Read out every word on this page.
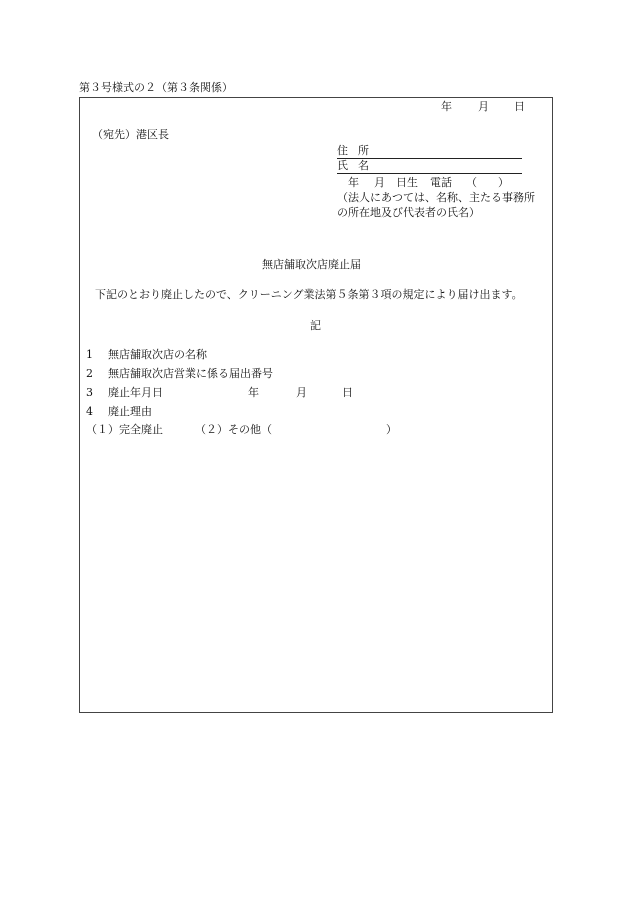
第３号様式の２（第３条関係）
年 月 日
（宛先）港区長
住 所
氏 名
年 月 日生 電話 （ ）
（法人にあつては、名称、主たる事務所
の所在地及び代表者の氏名）
無店舗取次店廃止届
下記のとおり廃止したので、クリーニング業法第５条第３項の規定により届け出ます。
記
1 無店舗取次店の名称
2 無店舗取次店営業に係る届出番号
3 廃止年月日	年	月	日
4 廃止理由
（１）完全廃止	（２）その他（	）
